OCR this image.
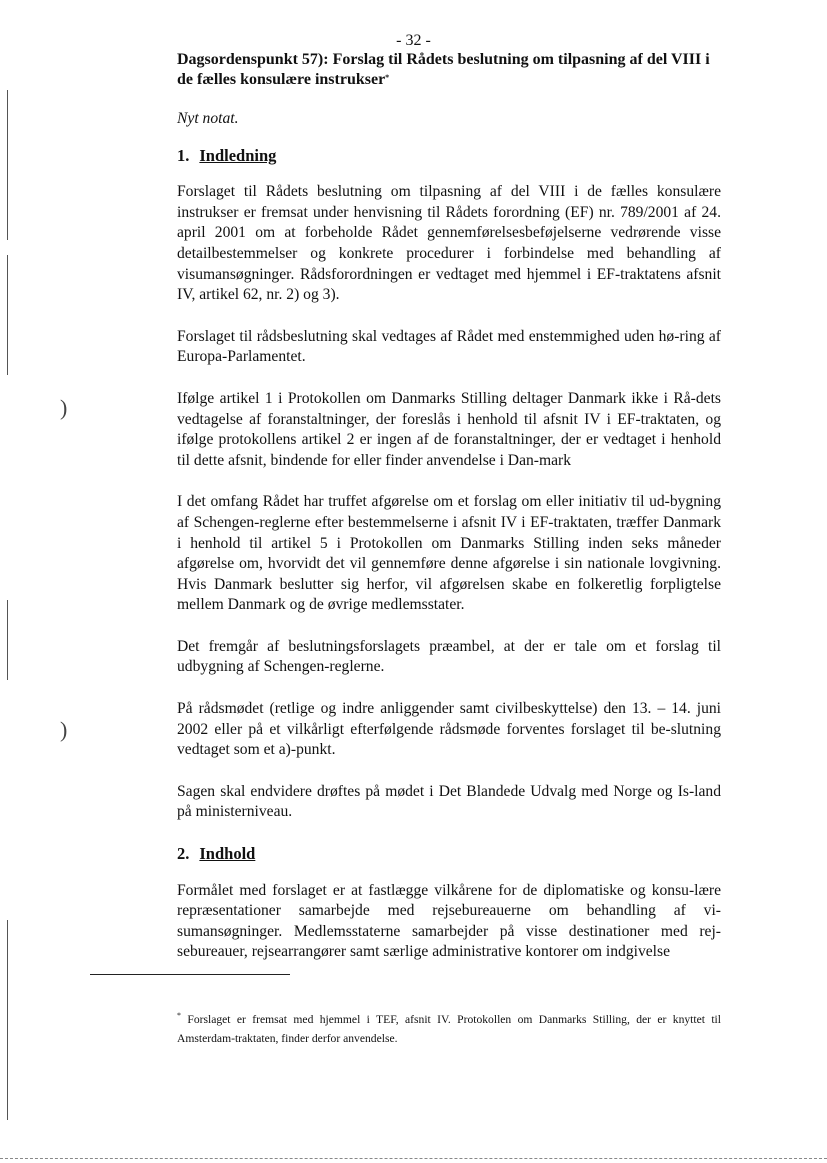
)
)
- 32 -
Dagsordenspunkt 57): Forslag til Rådets beslutning om tilpasning af del VIII i de fælles konsulære instrukser*

Nyt notat.

1. Indledning

Forslaget til Rådets beslutning om tilpasning af del VIII i de fælles konsulære instrukser er fremsat under henvisning til Rådets forordning (EF) nr. 789/2001 af 24. april 2001 om at forbeholde Rådet gennemførelsesbeføjelserne vedrørende visse detailbestemmelser og konkrete procedurer i forbindelse med behandling af visumansøgninger. Rådsforordningen er vedtaget med hjemmel i EF-traktatens afsnit IV, artikel 62, nr. 2) og 3).

Forslaget til rådsbeslutning skal vedtages af Rådet med enstemmighed uden hø-ring af Europa-Parlamentet.

Ifølge artikel 1 i Protokollen om Danmarks Stilling deltager Danmark ikke i Rå-dets vedtagelse af foranstaltninger, der foreslås i henhold til afsnit IV i EF-traktaten, og ifølge protokollens artikel 2 er ingen af de foranstaltninger, der er vedtaget i henhold til dette afsnit, bindende for eller finder anvendelse i Dan-mark

I det omfang Rådet har truffet afgørelse om et forslag om eller initiativ til ud-bygning af Schengen-reglerne efter bestemmelserne i afsnit IV i EF-traktaten, træffer Danmark i henhold til artikel 5 i Protokollen om Danmarks Stilling inden seks måneder afgørelse om, hvorvidt det vil gennemføre denne afgørelse i sin nationale lovgivning. Hvis Danmark beslutter sig herfor, vil afgørelsen skabe en folkeretlig forpligtelse mellem Danmark og de øvrige medlemsstater.

Det fremgår af beslutningsforslagets præambel, at der er tale om et forslag til udbygning af Schengen-reglerne.

På rådsmødet (retlige og indre anliggender samt civilbeskyttelse) den 13. – 14. juni 2002 eller på et vilkårligt efterfølgende rådsmøde forventes forslaget til be-slutning vedtaget som et a)-punkt.

Sagen skal endvidere drøftes på mødet i Det Blandede Udvalg med Norge og Is-land på ministerniveau.

2. Indhold

Formålet med forslaget er at fastlægge vilkårene for de diplomatiske og konsu-lære repræsentationer samarbejde med rejsebureauerne om behandling af vi-sumansøgninger. Medlemsstaterne samarbejder på visse destinationer med rej-sebureauer, rejsearrangører samt særlige administrative kontorer om indgivelse

* Forslaget er fremsat med hjemmel i TEF, afsnit IV. Protokollen om Danmarks Stilling, der er knyttet til Amsterdam-traktaten, finder derfor anvendelse.
